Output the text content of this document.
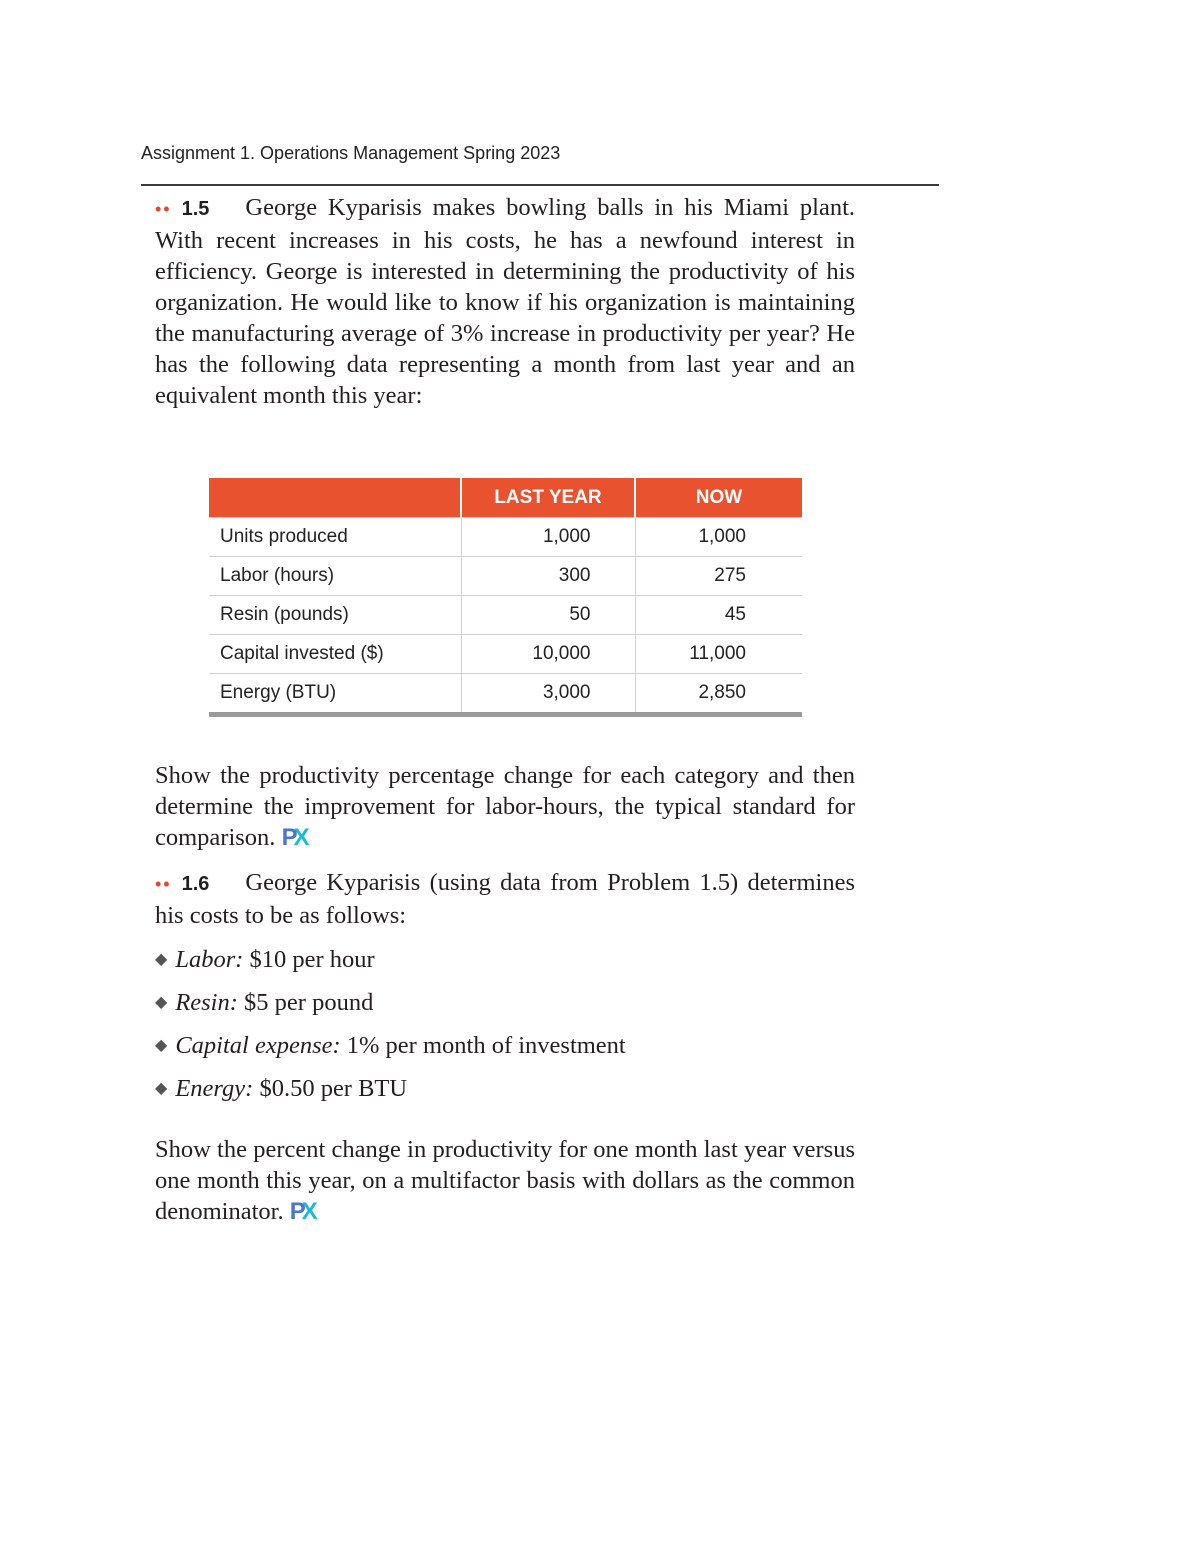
Assignment 1. Operations Management Spring 2023
•• 1.5 George Kyparisis makes bowling balls in his Miami plant. With recent increases in his costs, he has a newfound interest in efficiency. George is interested in determining the productivity of his organization. He would like to know if his organization is maintaining the manufacturing average of 3% increase in productivity per year? He has the following data representing a month from last year and an equivalent month this year:
	LAST YEAR	NOW
Units produced	1,000	1,000
Labor (hours)	300	275
Resin (pounds)	50	45
Capital invested ($)	10,000	11,000
Energy (BTU)	3,000	2,850
Show the productivity percentage change for each category and then determine the improvement for labor-hours, the typical standard for comparison. PX
•• 1.6 George Kyparisis (using data from Problem 1.5) determines his costs to be as follows:
◆ Labor: $10 per hour
◆ Resin: $5 per pound
◆ Capital expense: 1% per month of investment
◆ Energy: $0.50 per BTU
Show the percent change in productivity for one month last year versus one month this year, on a multifactor basis with dollars as the common denominator. PX
